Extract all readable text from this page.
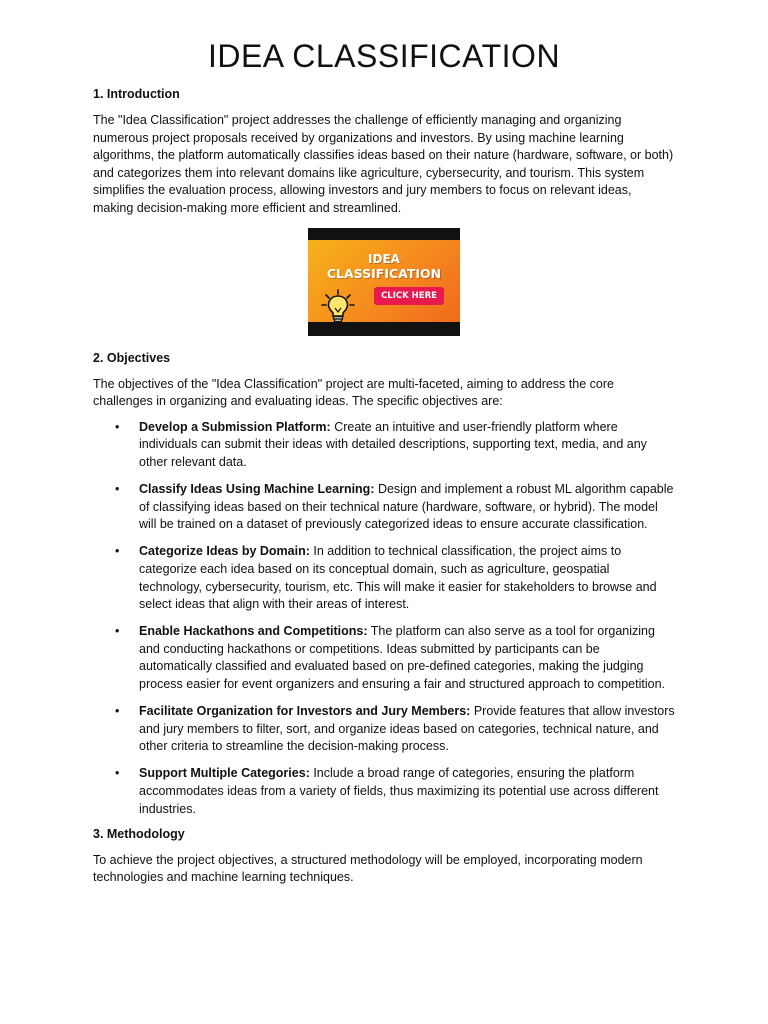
IDEA CLASSIFICATION
1. Introduction

The "Idea Classification" project addresses the challenge of efficiently managing and organizing numerous project proposals received by organizations and investors. By using machine learning algorithms, the platform automatically classifies ideas based on their nature (hardware, software, or both) and categorizes them into relevant domains like agriculture, cybersecurity, and tourism. This system simplifies the evaluation process, allowing investors and jury members to focus on relevant ideas, making decision-making more efficient and streamlined.

IDEA
CLASSIFICATION
CLICK HERE
2. Objectives

The objectives of the "Idea Classification" project are multi-faceted, aiming to address the core challenges in organizing and evaluating ideas. The specific objectives are:

• Develop a Submission Platform: Create an intuitive and user-friendly platform where individuals can submit their ideas with detailed descriptions, supporting text, media, and any other relevant data.
• Classify Ideas Using Machine Learning: Design and implement a robust ML algorithm capable of classifying ideas based on their technical nature (hardware, software, or hybrid). The model will be trained on a dataset of previously categorized ideas to ensure accurate classification.
• Categorize Ideas by Domain: In addition to technical classification, the project aims to categorize each idea based on its conceptual domain, such as agriculture, geospatial technology, cybersecurity, tourism, etc. This will make it easier for stakeholders to browse and select ideas that align with their areas of interest.
• Enable Hackathons and Competitions: The platform can also serve as a tool for organizing and conducting hackathons or competitions. Ideas submitted by participants can be automatically classified and evaluated based on pre-defined categories, making the judging process easier for event organizers and ensuring a fair and structured approach to competition.
• Facilitate Organization for Investors and Jury Members: Provide features that allow investors and jury members to filter, sort, and organize ideas based on categories, technical nature, and other criteria to streamline the decision-making process.
• Support Multiple Categories: Include a broad range of categories, ensuring the platform accommodates ideas from a variety of fields, thus maximizing its potential use across different industries.
3. Methodology

To achieve the project objectives, a structured methodology will be employed, incorporating modern technologies and machine learning techniques.
